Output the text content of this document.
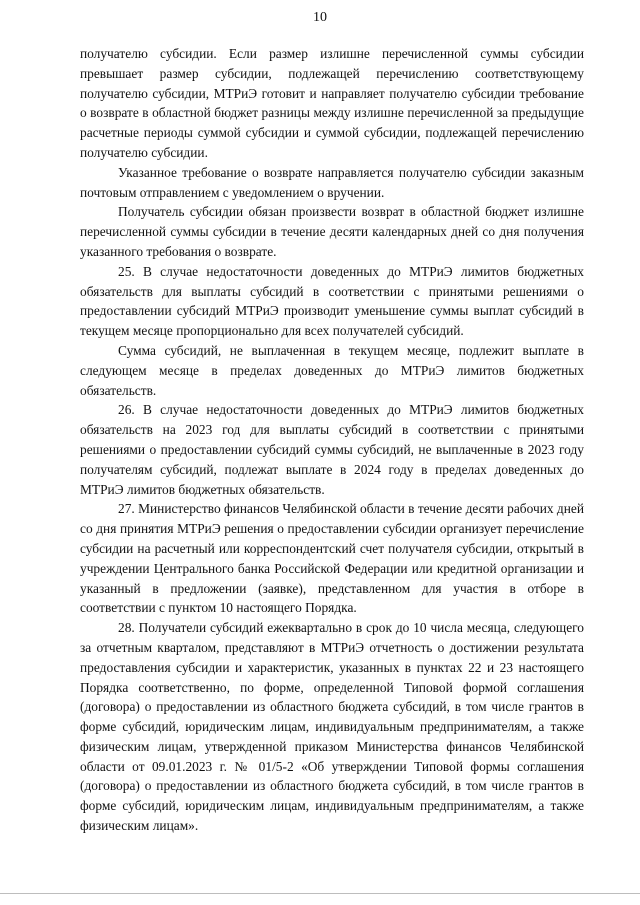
10

получателю субсидии. Если размер излишне перечисленной суммы субсидии превышает размер субсидии, подлежащей перечислению соответствующему получателю субсидии, МТРиЭ готовит и направляет получателю субсидии требование о возврате в областной бюджет разницы между излишне перечисленной за предыдущие расчетные периоды суммой субсидии и суммой субсидии, подлежащей перечислению получателю субсидии.

Указанное требование о возврате направляется получателю субсидии заказным почтовым отправлением с уведомлением о вручении.

Получатель субсидии обязан произвести возврат в областной бюджет излишне перечисленной суммы субсидии в течение десяти календарных дней со дня получения указанного требования о возврате.

25. В случае недостаточности доведенных до МТРиЭ лимитов бюджетных обязательств для выплаты субсидий в соответствии с принятыми решениями о предоставлении субсидий МТРиЭ производит уменьшение суммы выплат субсидий в текущем месяце пропорционально для всех получателей субсидий.

Сумма субсидий, не выплаченная в текущем месяце, подлежит выплате в следующем месяце в пределах доведенных до МТРиЭ лимитов бюджетных обязательств.

26. В случае недостаточности доведенных до МТРиЭ лимитов бюджетных обязательств на 2023 год для выплаты субсидий в соответствии с принятыми решениями о предоставлении субсидий суммы субсидий, не выплаченные в 2023 году получателям субсидий, подлежат выплате в 2024 году в пределах доведенных до МТРиЭ лимитов бюджетных обязательств.

27. Министерство финансов Челябинской области в течение десяти рабочих дней со дня принятия МТРиЭ решения о предоставлении субсидии организует перечисление субсидии на расчетный или корреспондентский счет получателя субсидии, открытый в учреждении Центрального банка Российской Федерации или кредитной организации и указанный в предложении (заявке), представленном для участия в отборе в соответствии с пунктом 10 настоящего Порядка.

28. Получатели субсидий ежеквартально в срок до 10 числа месяца, следующего за отчетным кварталом, представляют в МТРиЭ отчетность о достижении результата предоставления субсидии и характеристик, указанных в пунктах 22 и 23 настоящего Порядка соответственно, по форме, определенной Типовой формой соглашения (договора) о предоставлении из областного бюджета субсидий, в том числе грантов в форме субсидий, юридическим лицам, индивидуальным предпринимателям, а также физическим лицам, утвержденной приказом Министерства финансов Челябинской области от 09.01.2023 г. № 01/5-2 «Об утверждении Типовой формы соглашения (договора) о предоставлении из областного бюджета субсидий, в том числе грантов в форме субсидий, юридическим лицам, индивидуальным предпринимателям, а также физическим лицам».
